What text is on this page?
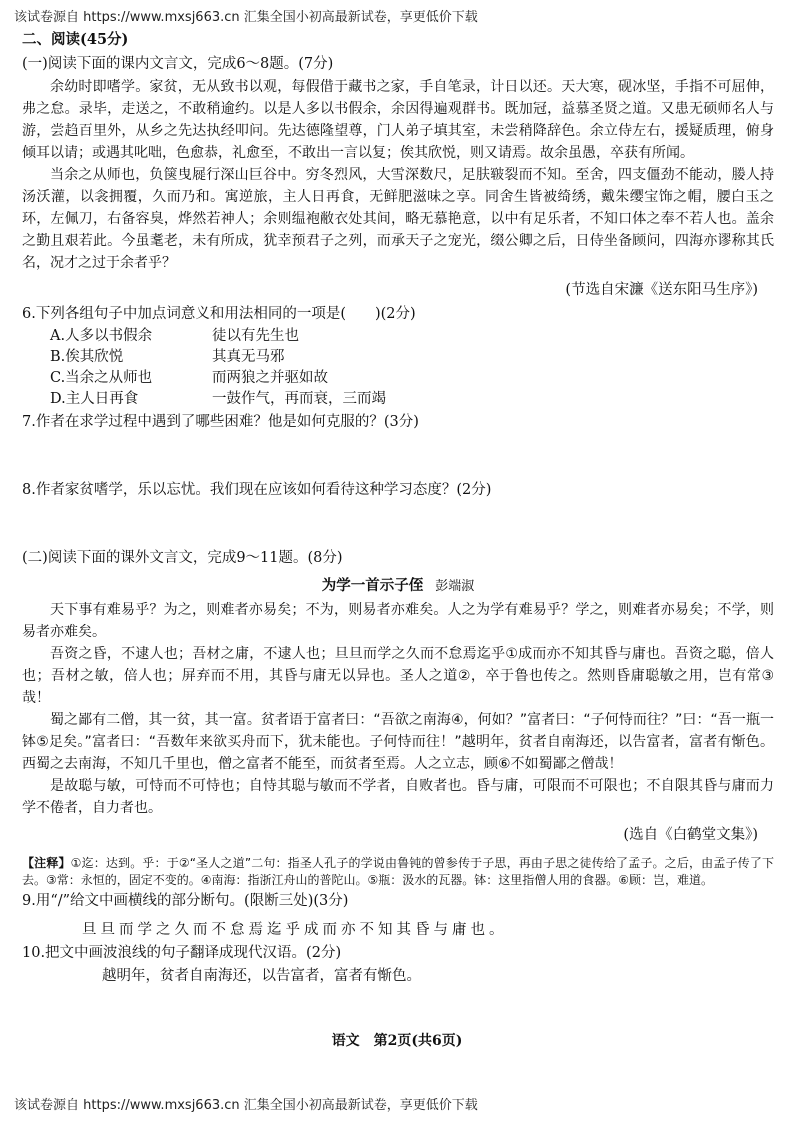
该试卷源自 https://www.mxsj663.cn 汇集全国小初高最新试卷，享更低价下载

二、阅读(45分)

(一)阅读下面的课内文言文，完成6～8题。(7分)

余幼时即嗜学。家贫，无从致书以观，每假借于藏书之家，手自笔录，计日以还。天大寒，砚冰坚，手指不可屈伸，弗之怠。录毕，走送之，不敢稍逾约。以是人多以书假余，余因得遍观群书。既加冠，益慕圣贤之道。又患无硕师名人与游，尝趋百里外，从乡之先达执经叩问。先达德隆望尊，门人弟子填其室，未尝稍降辞色。余立侍左右，援疑质理，俯身倾耳以请；或遇其叱咄，色愈恭，礼愈至，不敢出一言以复；俟其欣悦，则又请焉。故余虽愚，卒获有所闻。

当余之从师也，负箧曳屣行深山巨谷中。穷冬烈风，大雪深数尺，足肤皲裂而不知。至舍，四支僵劲不能动，媵人持汤沃灌，以衾拥覆，久而乃和。寓逆旅，主人日再食，无鲜肥滋味之享。同舍生皆被绮绣，戴朱缨宝饰之帽，腰白玉之环，左佩刀，右备容臭，烨然若神人；余则缊袍敝衣处其间，略无慕艳意，以中有足乐者，不知口体之奉不若人也。盖余之勤且艰若此。今虽耄老，未有所成，犹幸预君子之列，而承天子之宠光，缀公卿之后，日侍坐备顾问，四海亦谬称其氏名，况才之过于余者乎？

(节选自宋濂《送东阳马生序》)

6.下列各组句子中加点词意义和用法相同的一项是(　　)(2分)

A.人多以书假余	徒以有先生也
B.俟其欣悦	其真无马邪
C.当余之从师也	而两狼之并驱如故
D.主人日再食	一鼓作气，再而衰，三而竭

7.作者在求学过程中遇到了哪些困难？他是如何克服的？(3分)

8.作者家贫嗜学，乐以忘忧。我们现在应该如何看待这种学习态度？(2分)

(二)阅读下面的课外文言文，完成9～11题。(8分)

为学一首示子侄 彭端淑

天下事有难易乎？为之，则难者亦易矣；不为，则易者亦难矣。人之为学有难易乎？学之，则难者亦易矣；不学，则易者亦难矣。

吾资之昏，不逮人也；吾材之庸，不逮人也；旦旦而学之久而不怠焉迄乎①成而亦不知其昏与庸也。吾资之聪，倍人也；吾材之敏，倍人也；屏弃而不用，其昏与庸无以异也。圣人之道②，卒于鲁也传之。然则昏庸聪敏之用，岂有常③哉！

蜀之鄙有二僧，其一贫，其一富。贫者语于富者曰：“吾欲之南海④，何如？”富者曰：“子何恃而往？”曰：“吾一瓶一钵⑤足矣。”富者曰：“吾数年来欲买舟而下，犹未能也。子何恃而往！”越明年，贫者自南海还，以告富者，富者有惭色。西蜀之去南海，不知几千里也，僧之富者不能至，而贫者至焉。人之立志，顾⑥不如蜀鄙之僧哉！

是故聪与敏，可恃而不可恃也；自恃其聪与敏而不学者，自败者也。昏与庸，可限而不可限也；不自限其昏与庸而力学不倦者，自力者也。

(选自《白鹤堂文集》)

【注释】①迄：达到。乎：于②“圣人之道”二句：指圣人孔子的学说由鲁钝的曾参传于子思，再由子思之徒传给了孟子。之后，由孟子传了下去。③常：永恒的，固定不变的。④南海：指浙江舟山的普陀山。⑤瓶：汲水的瓦器。钵：这里指僧人用的食器。⑥顾：岂，难道。

9.用“/”给文中画横线的部分断句。(限断三处)(3分)

旦旦而学之久而不怠焉迄乎成而亦不知其昏与庸也。

10.把文中画波浪线的句子翻译成现代汉语。(2分)

越明年，贫者自南海还，以告富者，富者有惭色。

语文　第2页(共6页)
该试卷源自 https://www.mxsj663.cn 汇集全国小初高最新试卷，享更低价下载
